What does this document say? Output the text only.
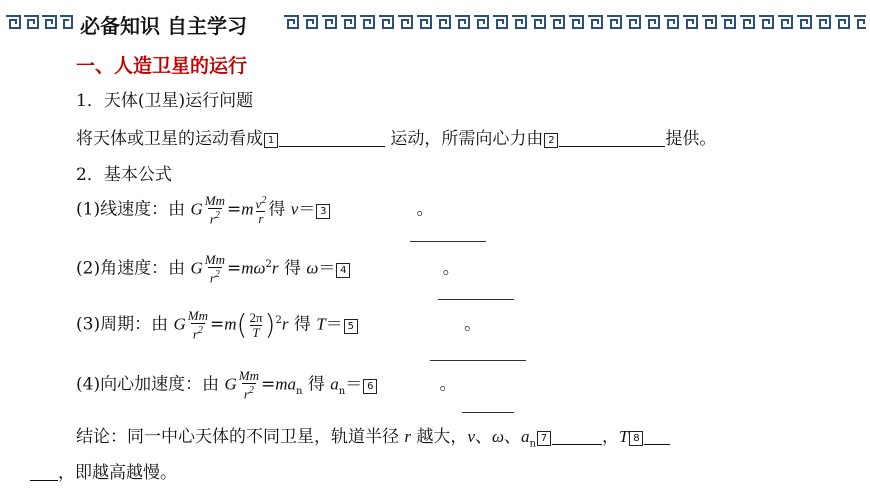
必备知识 自主学习
一、人造卫星的运行
1．天体(卫星)运行问题
将天体或卫星的运动看成 1	运动，所需向心力由 2	提供。
2．基本公式
(1)线速度：由 G $\frac{Mm}{r^2} =m \frac{v^2}{r}$ 得 v＝ 3	。
(2)角速度：由 G $\frac{Mm}{r^2} =m\omega^2r$ 得 ω＝ 4	。
(3)周期：由 G $\frac{Mm}{r^2} =m( \frac{2\pi}{T} )^2r$ 得 T＝ 5	。
(4)向心加速度：由 G $\frac{Mm}{r^2} =ma_n$ 得 $a_n= 6$	。
结论：同一中心天体的不同卫星，轨道半径 r 越大，v、ω、$a_n$ 7	，T 8
，即越高越慢。
